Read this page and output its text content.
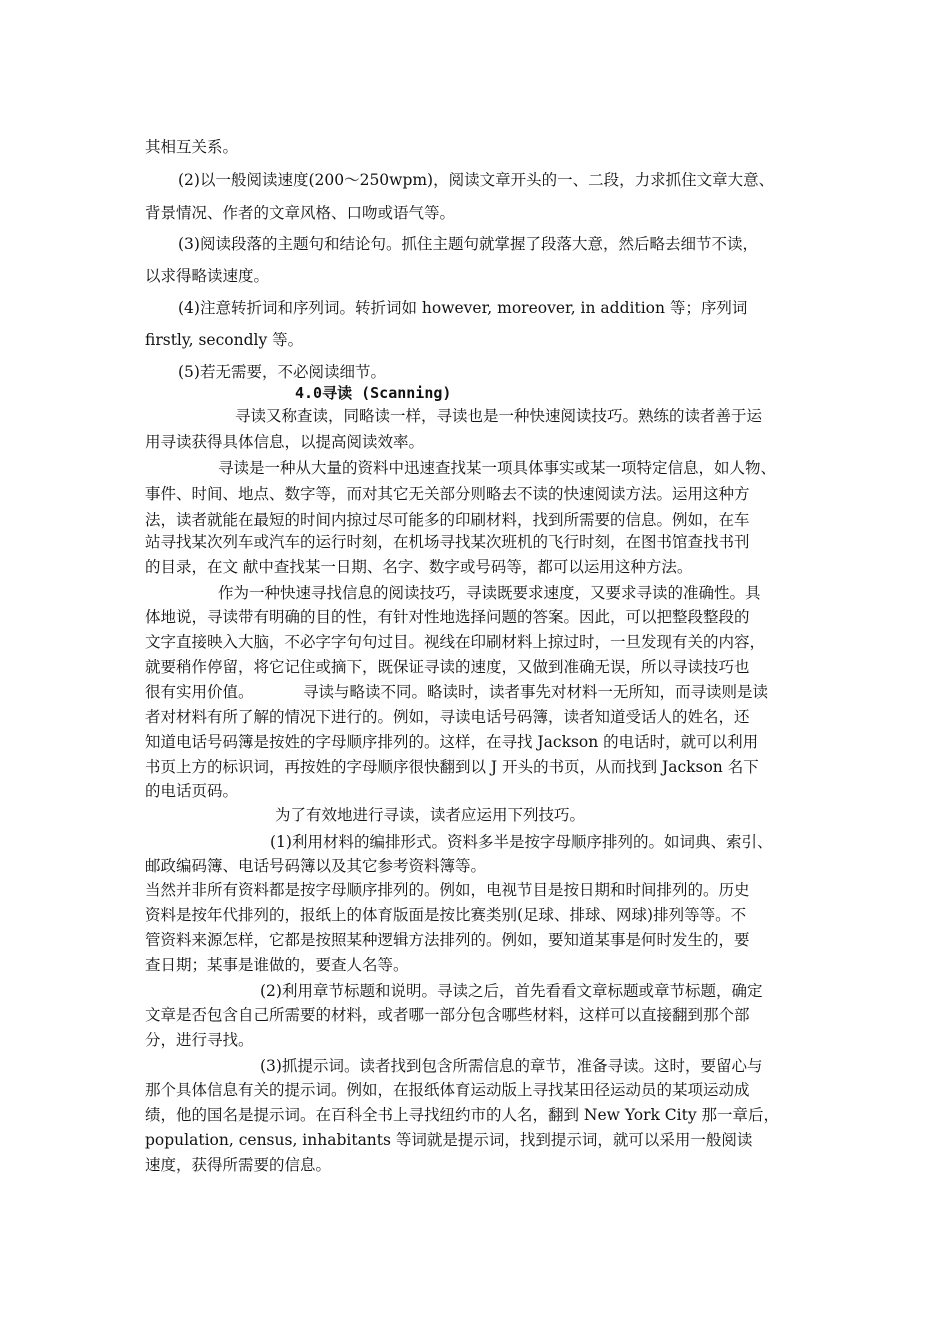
其相互关系。
(2)以一般阅读速度(200～250wpm)，阅读文章开头的一、二段，力求抓住文章大意、
背景情况、作者的文章风格、口吻或语气等。
(3)阅读段落的主题句和结论句。抓住主题句就掌握了段落大意，然后略去细节不读，
以求得略读速度。
(4)注意转折词和序列词。转折词如 however, moreover, in addition 等；序列词
firstly, secondly 等。
(5)若无需要，不必阅读细节。
4.0寻读 (Scanning)
寻读又称查读，同略读一样，寻读也是一种快速阅读技巧。熟练的读者善于运
用寻读获得具体信息，以提高阅读效率。
寻读是一种从大量的资料中迅速查找某一项具体事实或某一项特定信息，如人物、
事件、时间、地点、数字等，而对其它无关部分则略去不读的快速阅读方法。运用这种方
法，读者就能在最短的时间内掠过尽可能多的印刷材料，找到所需要的信息。例如，在车
站寻找某次列车或汽车的运行时刻，在机场寻找某次班机的飞行时刻，在图书馆查找书刊
的目录，在文 献中查找某一日期、名字、数字或号码等，都可以运用这种方法。
作为一种快速寻找信息的阅读技巧，寻读既要求速度，又要求寻读的准确性。具
体地说，寻读带有明确的目的性，有针对性地选择问题的答案。因此，可以把整段整段的
文字直接映入大脑，不必字字句句过目。视线在印刷材料上掠过时，一旦发现有关的内容，
就要稍作停留，将它记住或摘下，既保证寻读的速度，又做到准确无误，所以寻读技巧也
很有实用价值。	寻读与略读不同。略读时，读者事先对材料一无所知，而寻读则是读
者对材料有所了解的情况下进行的。例如，寻读电话号码簿，读者知道受话人的姓名，还
知道电话号码簿是按姓的字母顺序排列的。这样，在寻找 Jackson 的电话时，就可以利用
书页上方的标识词，再按姓的字母顺序很快翻到以 J 开头的书页，从而找到 Jackson 名下
的电话页码。
为了有效地进行寻读，读者应运用下列技巧。
(1)利用材料的编排形式。资料多半是按字母顺序排列的。如词典、索引、
邮政编码簿、电话号码簿以及其它参考资料簿等。
当然并非所有资料都是按字母顺序排列的。例如，电视节目是按日期和时间排列的。历史
资料是按年代排列的，报纸上的体育版面是按比赛类别(足球、排球、网球)排列等等。不
管资料来源怎样，它都是按照某种逻辑方法排列的。例如，要知道某事是何时发生的，要
查日期；某事是谁做的，要查人名等。
(2)利用章节标题和说明。寻读之后，首先看看文章标题或章节标题，确定
文章是否包含自己所需要的材料，或者哪一部分包含哪些材料，这样可以直接翻到那个部
分，进行寻找。
(3)抓提示词。读者找到包含所需信息的章节，准备寻读。这时，要留心与
那个具体信息有关的提示词。例如，在报纸体育运动版上寻找某田径运动员的某项运动成
绩，他的国名是提示词。在百科全书上寻找纽约市的人名，翻到 New York City 那一章后，
population, census, inhabitants 等词就是提示词，找到提示词，就可以采用一般阅读
速度，获得所需要的信息。
